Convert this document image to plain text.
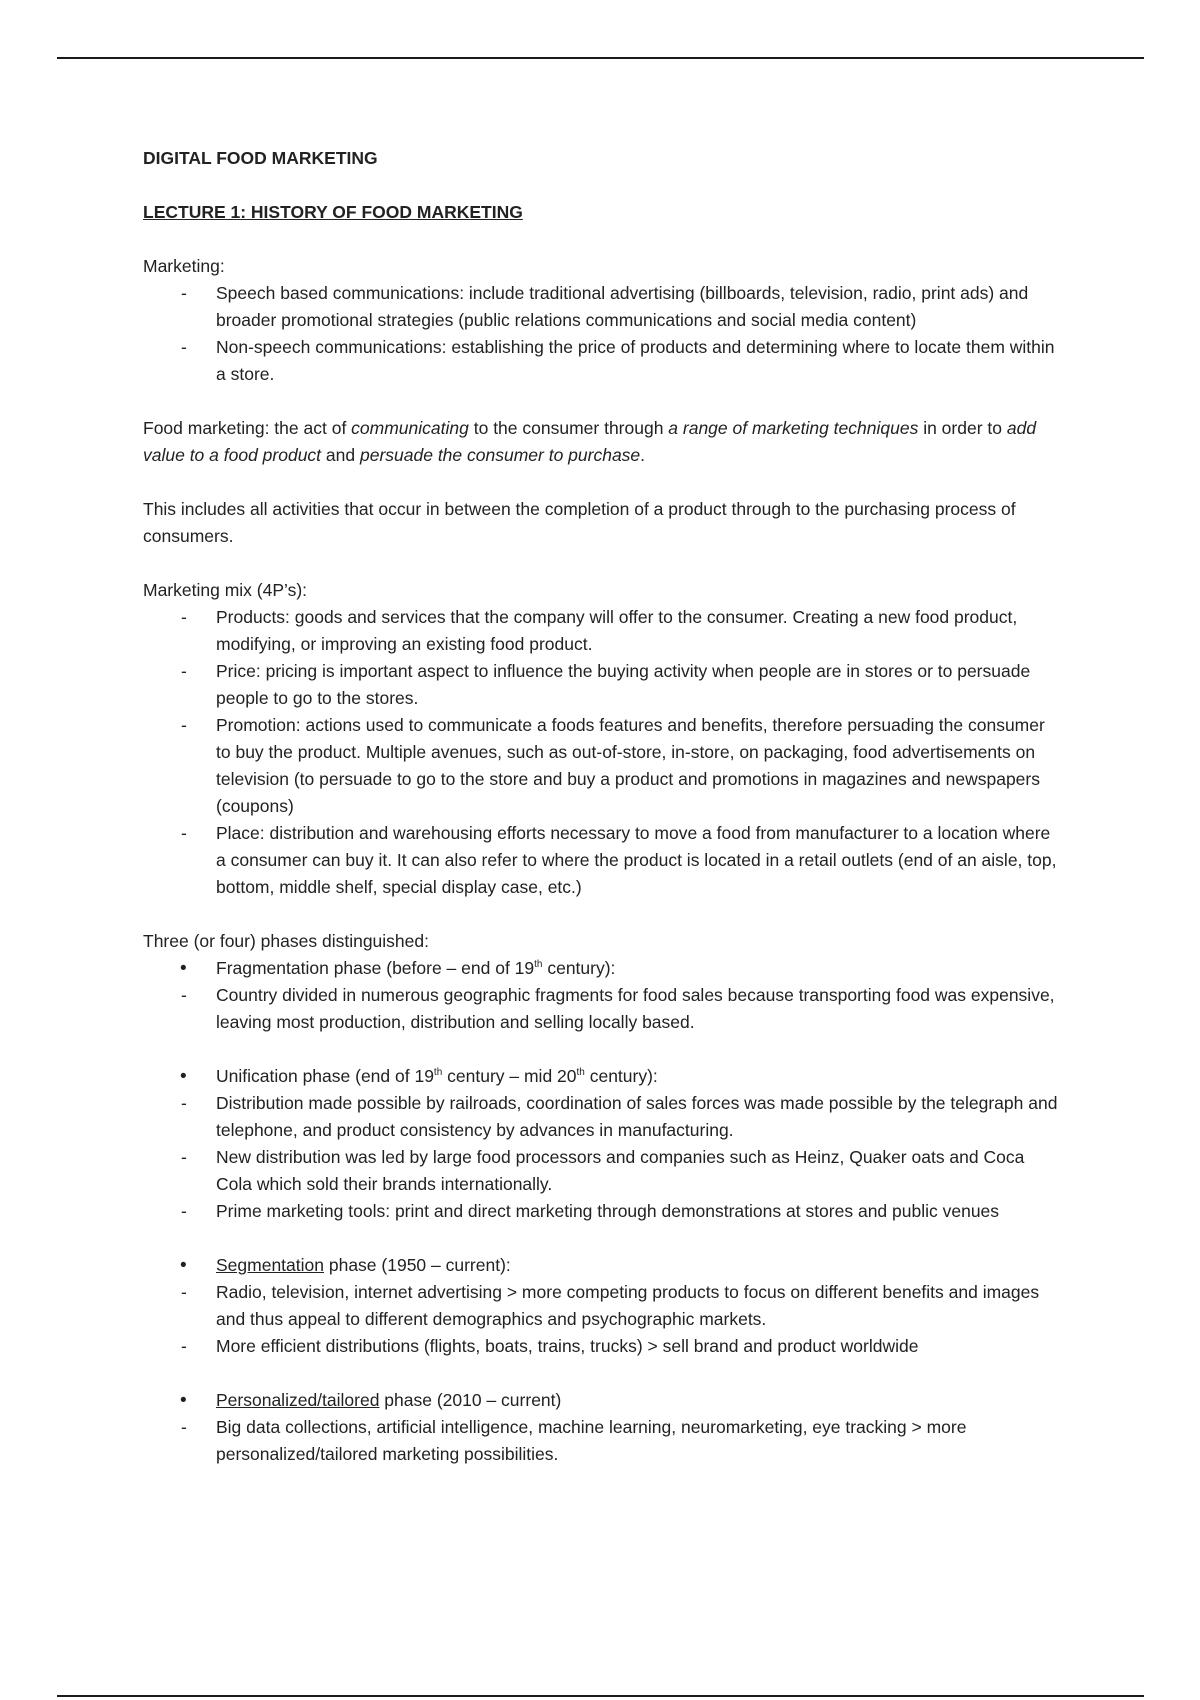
DIGITAL FOOD MARKETING

LECTURE 1: HISTORY OF FOOD MARKETING

Marketing:

- Speech based communications: include traditional advertising (billboards, television, radio, print ads) and broader promotional strategies (public relations communications and social media content)
- Non-speech communications: establishing the price of products and determining where to locate them within a store.

Food marketing: the act of communicating to the consumer through a range of marketing techniques in order to add value to a food product and persuade the consumer to purchase.

This includes all activities that occur in between the completion of a product through to the purchasing process of consumers.

Marketing mix (4P’s):

- Products: goods and services that the company will offer to the consumer. Creating a new food product, modifying, or improving an existing food product.
- Price: pricing is important aspect to influence the buying activity when people are in stores or to persuade people to go to the stores.
- Promotion: actions used to communicate a foods features and benefits, therefore persuading the consumer to buy the product. Multiple avenues, such as out-of-store, in-store, on packaging, food advertisements on television (to persuade to go to the store and buy a product and promotions in magazines and newspapers (coupons)
- Place: distribution and warehousing efforts necessary to move a food from manufacturer to a location where a consumer can buy it. It can also refer to where the product is located in a retail outlets (end of an aisle, top, bottom, middle shelf, special display case, etc.)

Three (or four) phases distinguished:

• Fragmentation phase (before – end of 19th century):
- Country divided in numerous geographic fragments for food sales because transporting food was expensive, leaving most production, distribution and selling locally based.
• Unification phase (end of 19th century – mid 20th century):
- Distribution made possible by railroads, coordination of sales forces was made possible by the telegraph and telephone, and product consistency by advances in manufacturing.
- New distribution was led by large food processors and companies such as Heinz, Quaker oats and Coca Cola which sold their brands internationally.
- Prime marketing tools: print and direct marketing through demonstrations at stores and public venues
• Segmentation phase (1950 – current):
- Radio, television, internet advertising > more competing products to focus on different benefits and images and thus appeal to different demographics and psychographic markets.
- More efficient distributions (flights, boats, trains, trucks) > sell brand and product worldwide
• Personalized/tailored phase (2010 – current)
- Big data collections, artificial intelligence, machine learning, neuromarketing, eye tracking > more personalized/tailored marketing possibilities.
